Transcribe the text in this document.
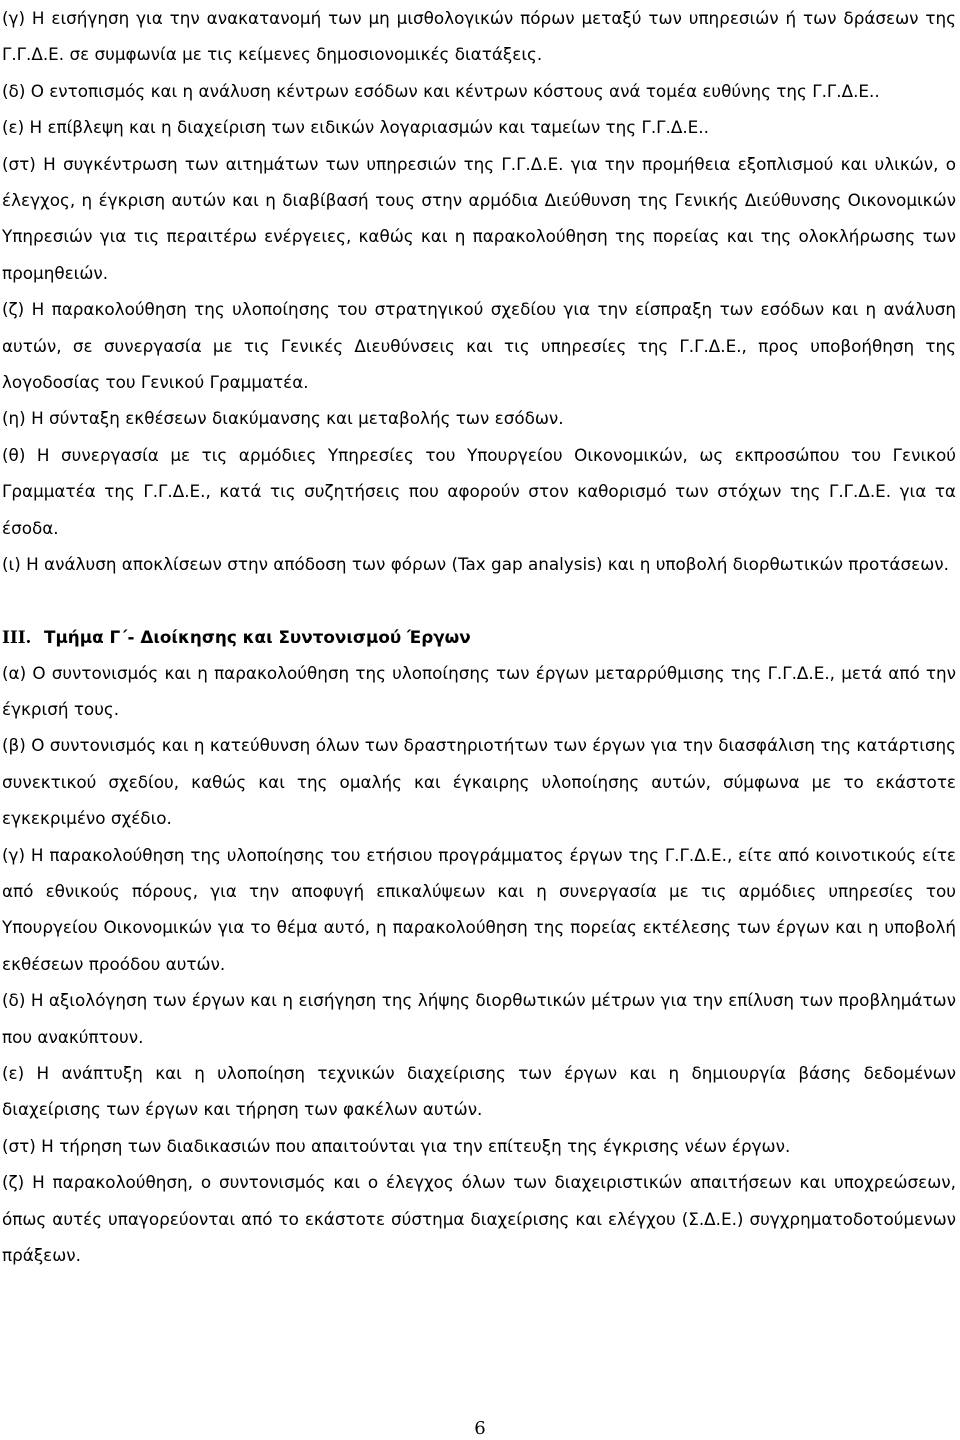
(γ) Η εισήγηση για την ανακατανομή των μη μισθολογικών πόρων μεταξύ των υπηρεσιών ή των δράσεων της Γ.Γ.Δ.Ε. σε συμφωνία με τις κείμενες δημοσιονομικές διατάξεις.

(δ) Ο εντοπισμός και η ανάλυση κέντρων εσόδων και κέντρων κόστους ανά τομέα ευθύνης της Γ.Γ.Δ.Ε..

(ε) Η επίβλεψη και η διαχείριση των ειδικών λογαριασμών και ταμείων της Γ.Γ.Δ.Ε..

(στ) Η συγκέντρωση των αιτημάτων των υπηρεσιών της Γ.Γ.Δ.Ε. για την προμήθεια εξοπλισμού και υλικών, ο έλεγχος, η έγκριση αυτών και η διαβίβασή τους στην αρμόδια Διεύθυνση της Γενικής Διεύθυνσης Οικονομικών Υπηρεσιών για τις περαιτέρω ενέργειες, καθώς και η παρακολούθηση της πορείας και της ολοκλήρωσης των προμηθειών.

(ζ) Η παρακολούθηση της υλοποίησης του στρατηγικού σχεδίου για την είσπραξη των εσόδων και η ανάλυση αυτών, σε συνεργασία με τις Γενικές Διευθύνσεις και τις υπηρεσίες της Γ.Γ.Δ.Ε., προς υποβοήθηση της λογοδοσίας του Γενικού Γραμματέα.

(η) Η σύνταξη εκθέσεων διακύμανσης και μεταβολής των εσόδων.

(θ) Η συνεργασία με τις αρμόδιες Υπηρεσίες του Υπουργείου Οικονομικών, ως εκπροσώπου του Γενικού Γραμματέα της Γ.Γ.Δ.Ε., κατά τις συζητήσεις που αφορούν στον καθορισμό των στόχων της Γ.Γ.Δ.Ε. για τα έσοδα.

(ι) Η ανάλυση αποκλίσεων στην απόδοση των φόρων (Tax gap analysis) και η υποβολή διορθωτικών προτάσεων.

ΙΙΙ. Τμήμα Γ΄- Διοίκησης και Συντονισμού Έργων

(α) Ο συντονισμός και η παρακολούθηση της υλοποίησης των έργων μεταρρύθμισης της Γ.Γ.Δ.Ε., μετά από την έγκρισή τους.

(β) Ο συντονισμός και η κατεύθυνση όλων των δραστηριοτήτων των έργων για την διασφάλιση της κατάρτισης συνεκτικού σχεδίου, καθώς και της ομαλής και έγκαιρης υλοποίησης αυτών, σύμφωνα με το εκάστοτε εγκεκριμένο σχέδιο.

(γ) Η παρακολούθηση της υλοποίησης του ετήσιου προγράμματος έργων της Γ.Γ.Δ.Ε., είτε από κοινοτικούς είτε από εθνικούς πόρους, για την αποφυγή επικαλύψεων και η συνεργασία με τις αρμόδιες υπηρεσίες του Υπουργείου Οικονομικών για το θέμα αυτό, η παρακολούθηση της πορείας εκτέλεσης των έργων και η υποβολή εκθέσεων προόδου αυτών.

(δ) Η αξιολόγηση των έργων και η εισήγηση της λήψης διορθωτικών μέτρων για την επίλυση των προβλημάτων που ανακύπτουν.

(ε) Η ανάπτυξη και η υλοποίηση τεχνικών διαχείρισης των έργων και η δημιουργία βάσης δεδομένων διαχείρισης των έργων και τήρηση των φακέλων αυτών.

(στ) Η τήρηση των διαδικασιών που απαιτούνται για την επίτευξη της έγκρισης νέων έργων.

(ζ) Η παρακολούθηση, ο συντονισμός και ο έλεγχος όλων των διαχειριστικών απαιτήσεων και υποχρεώσεων, όπως αυτές υπαγορεύονται από το εκάστοτε σύστημα διαχείρισης και ελέγχου (Σ.Δ.Ε.) συγχρηματοδοτούμενων πράξεων.

6
